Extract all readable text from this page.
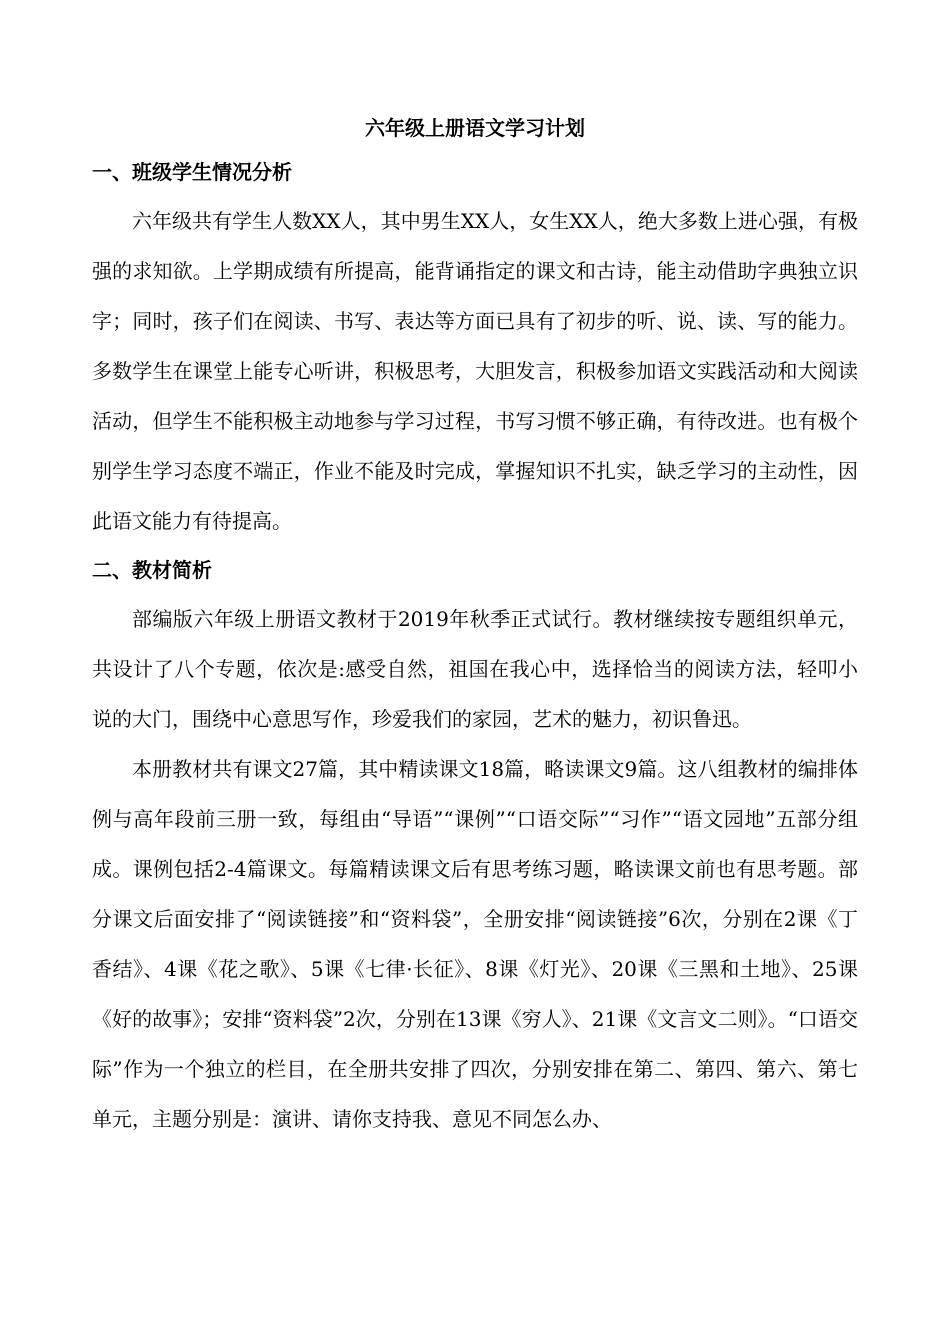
六年级上册语文学习计划
一、班级学生情况分析

六年级共有学生人数XX人，其中男生XX人，女生XX人，绝大多数上进心强，有极强的求知欲。上学期成绩有所提高，能背诵指定的课文和古诗，能主动借助字典独立识字；同时，孩子们在阅读、书写、表达等方面已具有了初步的听、说、读、写的能力。多数学生在课堂上能专心听讲，积极思考，大胆发言，积极参加语文实践活动和大阅读活动，但学生不能积极主动地参与学习过程，书写习惯不够正确，有待改进。也有极个别学生学习态度不端正，作业不能及时完成，掌握知识不扎实，缺乏学习的主动性，因此语文能力有待提高。

二、教材简析

部编版六年级上册语文教材于2019年秋季正式试行。教材继续按专题组织单元，共设计了八个专题，依次是:感受自然，祖国在我心中，选择恰当的阅读方法，轻叩小说的大门，围绕中心意思写作，珍爱我们的家园，艺术的魅力，初识鲁迅。

本册教材共有课文27篇，其中精读课文18篇，略读课文9篇。这八组教材的编排体例与高年段前三册一致，每组由“导语”“课例”“口语交际”“习作”“语文园地”五部分组成。课例包括2-4篇课文。每篇精读课文后有思考练习题，略读课文前也有思考题。部分课文后面安排了“阅读链接”和“资料袋”，全册安排“阅读链接”6次，分别在2课《丁香结》、4课《花之歌》、5课《七律·长征》、8课《灯光》、20课《三黑和土地》、25课《好的故事》；安排“资料袋”2次，分别在13课《穷人》、21课《文言文二则》。“口语交际”作为一个独立的栏目，在全册共安排了四次，分别安排在第二、第四、第六、第七单元，主题分别是：演讲、请你支持我、意见不同怎么办、
